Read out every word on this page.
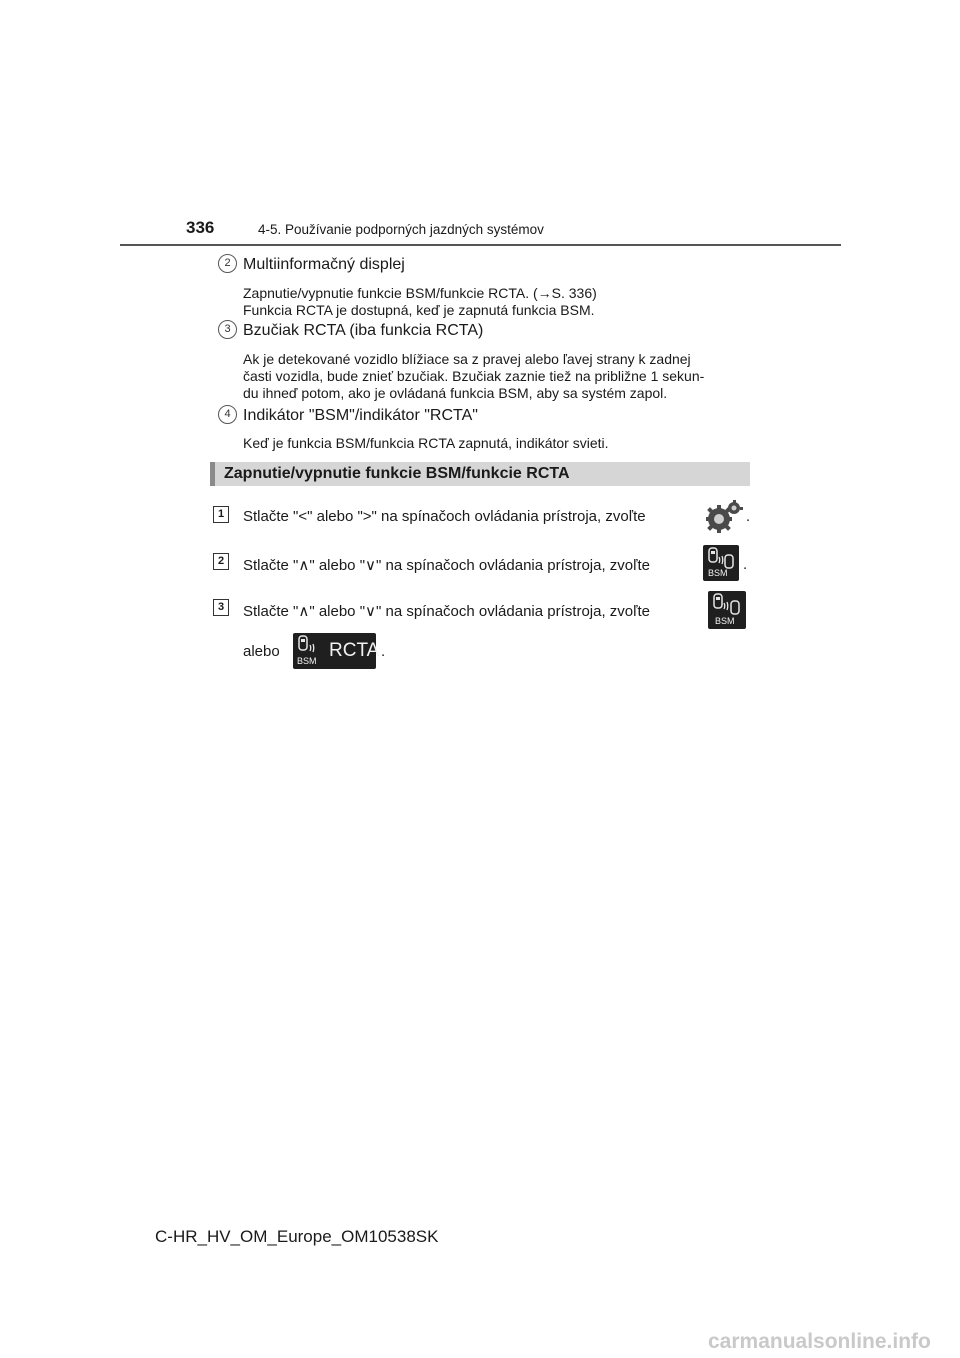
336	4-5. Používanie podporných jazdných systémov
2 Multiinformačný displej
Zapnutie/vypnutie funkcie BSM/funkcie RCTA. (→S. 336)
Funkcia RCTA je dostupná, keď je zapnutá funkcia BSM.
3 Bzučiak RCTA (iba funkcia RCTA)
Ak je detekované vozidlo blížiace sa z pravej alebo ľavej strany k zadnej
časti vozidla, bude znieť bzučiak. Bzučiak zaznie tiež na približne 1 sekun-
du ihneď potom, ako je ovládaná funkcia BSM, aby sa systém zapol.
4 Indikátor "BSM"/indikátor "RCTA"
Keď je funkcia BSM/funkcia RCTA zapnutá, indikátor svieti.
Zapnutie/vypnutie funkcie BSM/funkcie RCTA
1	Stlačte "<" alebo ">" na spínačoch ovládania prístroja, zvoľte	.
2	Stlačte "∧" alebo "∨" na spínačoch ovládania prístroja, zvoľte	BSM .
3	Stlačte "∧" alebo "∨" na spínačoch ovládania prístroja, zvoľte
BSM
alebo
BSM RCTA .
C-HR_HV_OM_Europe_OM10538SK
carmanualsonline.info
